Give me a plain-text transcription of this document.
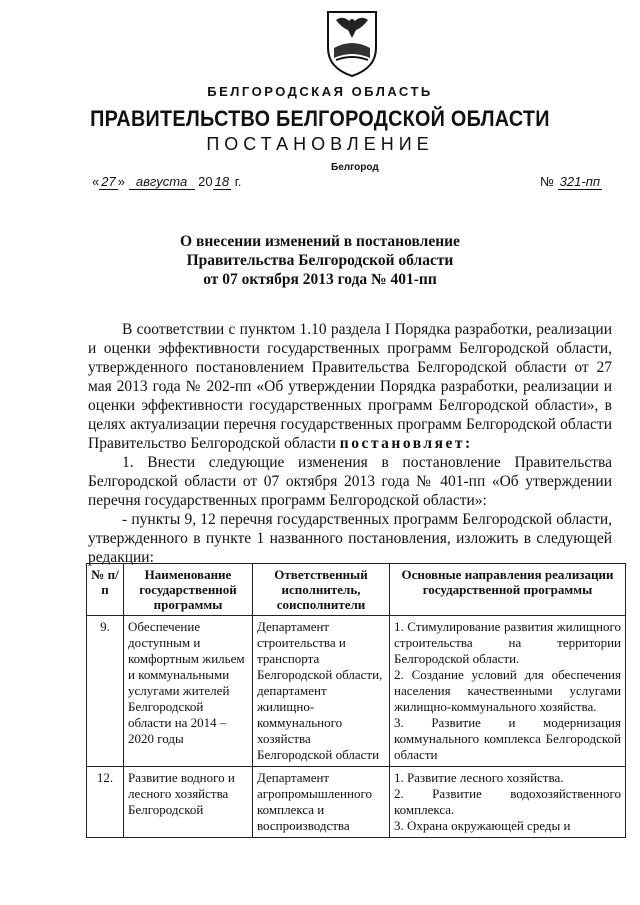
БЕЛГОРОДСКАЯ ОБЛАСТЬ
ПРАВИТЕЛЬСТВО БЕЛГОРОДСКОЙ ОБЛАСТИ
ПОСТАНОВЛЕНИЕ
Белгород
« 27 » августа 20 18 г.	№ 321-пп
О внесении изменений в постановление
Правительства Белгородской области
от 07 октября 2013 года № 401-пп

В соответствии с пунктом 1.10 раздела I Порядка разработки, реализации и оценки эффективности государственных программ Белгородской области, утвержденного постановлением Правительства Белгородской области от 27 мая 2013 года № 202-пп «Об утверждении Порядка разработки, реализации и оценки эффективности государственных программ Белгородской области», в целях актуализации перечня государственных программ Белгородской области Правительство Белгородской области постановляет:

1. Внести следующие изменения в постановление Правительства Белгородской области от 07 октября 2013 года № 401-пп «Об утверждении перечня государственных программ Белгородской области»:

- пункты 9, 12 перечня государственных программ Белгородской области, утвержденного в пункте 1 названного постановления, изложить в следующей редакции:

№ п/п	Наименование государственной программы	Ответственный исполнитель, соисполнители	Основные направления реализации государственной программы
9.	Обеспечение доступным и комфортным жильем и коммунальными услугами жителей Белгородской области на 2014 – 2020 годы	Департамент строительства и транспорта Белгородской области, департамент жилищно-коммунального хозяйства Белгородской области	1. Стимулирование развития жилищного строительства на территории Белгородской области.
2. Создание условий для обеспечения населения качественными услугами жилищно-коммунального хозяйства.
3. Развитие и модернизация коммунального комплекса Белгородской области

12.	Развитие водного и лесного хозяйства Белгородской	Департамент агропромышленного комплекса и воспроизводства	1. Развитие лесного хозяйства.
2. Развитие водохозяйственного комплекса.
3. Охрана окружающей среды и
